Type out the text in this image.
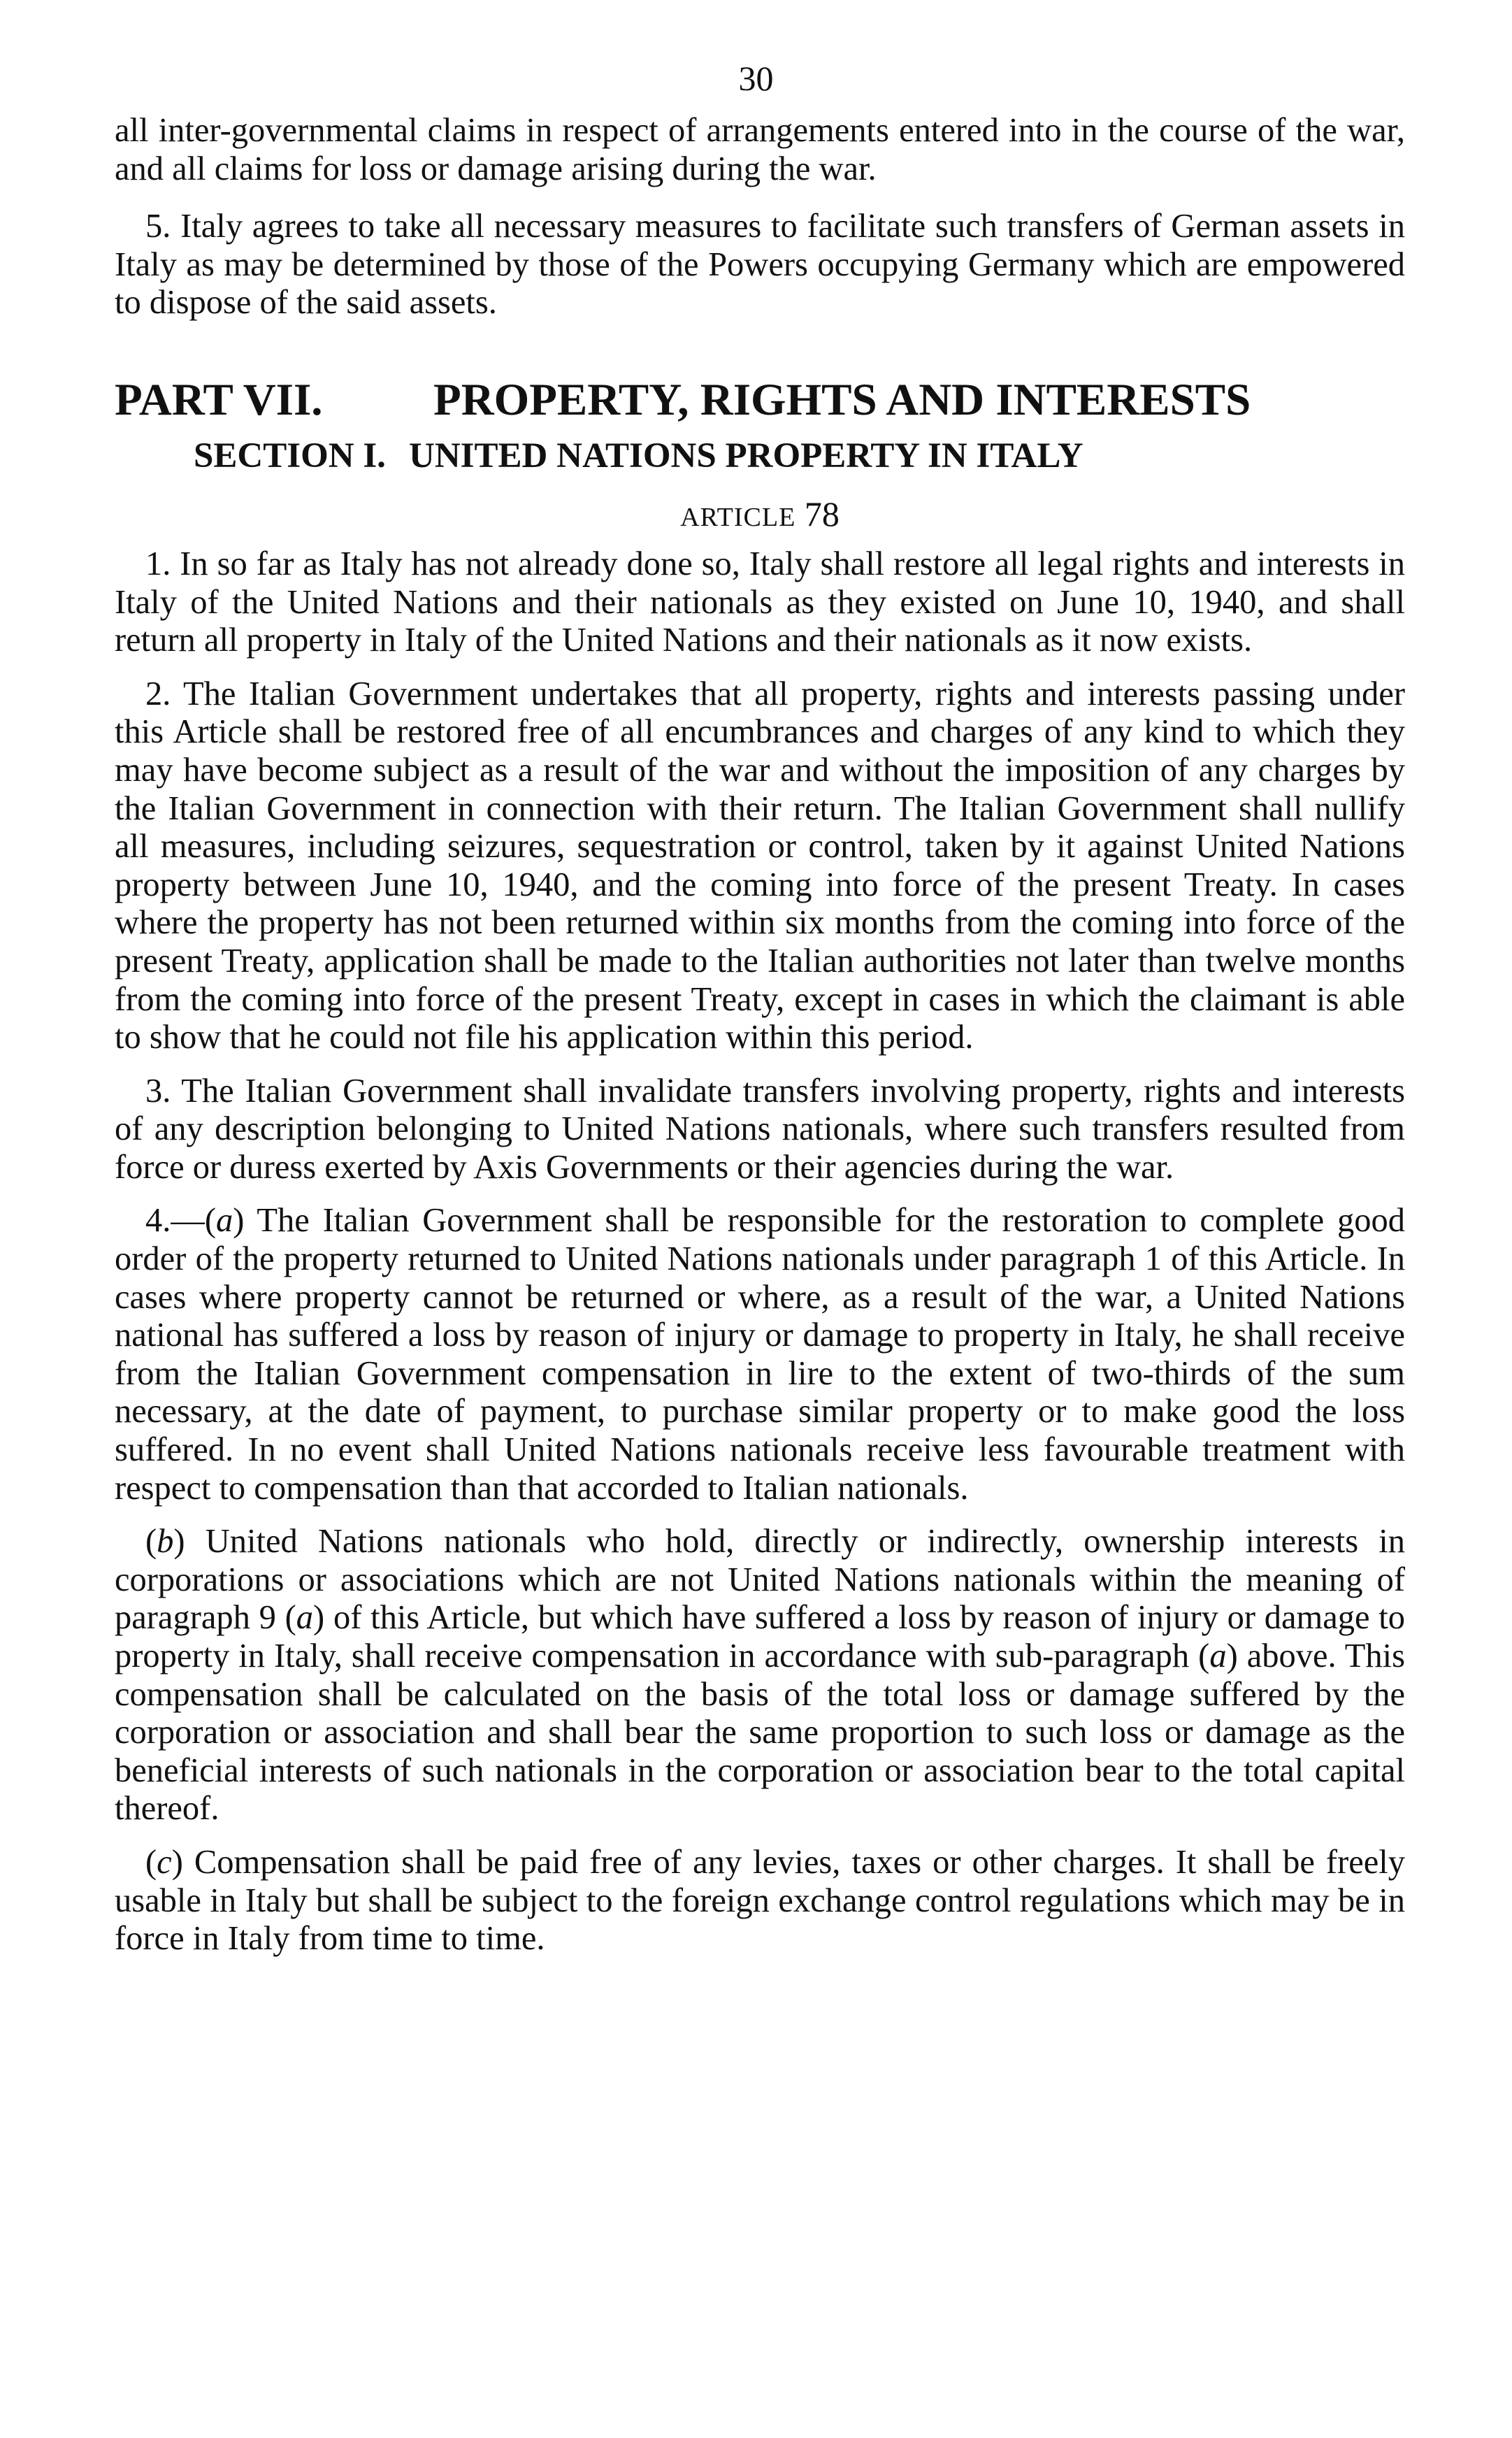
30

all inter-governmental claims in respect of arrangements entered into in the course of the war, and all claims for loss or damage arising during the war.

5. Italy agrees to take all necessary measures to facilitate such transfers of German assets in Italy as may be determined by those of the Powers occupying Germany which are empowered to dispose of the said assets.

PART VII. PROPERTY, RIGHTS AND INTERESTS
SECTION I. UNITED NATIONS PROPERTY IN ITALY
ARTICLE 78

1. In so far as Italy has not already done so, Italy shall restore all legal rights and interests in Italy of the United Nations and their nationals as they existed on June 10, 1940, and shall return all property in Italy of the United Nations and their nationals as it now exists.

2. The Italian Government undertakes that all property, rights and interests passing under this Article shall be restored free of all encumbrances and charges of any kind to which they may have become subject as a result of the war and without the imposition of any charges by the Italian Government in connection with their return. The Italian Government shall nullify all measures, including seizures, sequestration or control, taken by it against United Nations property between June 10, 1940, and the coming into force of the present Treaty. In cases where the property has not been returned within six months from the coming into force of the present Treaty, application shall be made to the Italian authorities not later than twelve months from the coming into force of the present Treaty, except in cases in which the claimant is able to show that he could not file his application within this period.

3. The Italian Government shall invalidate transfers involving property, rights and interests of any description belonging to United Nations nationals, where such transfers resulted from force or duress exerted by Axis Governments or their agencies during the war.

4.—(a) The Italian Government shall be responsible for the restoration to complete good order of the property returned to United Nations nationals under paragraph 1 of this Article. In cases where property cannot be returned or where, as a result of the war, a United Nations national has suffered a loss by reason of injury or damage to property in Italy, he shall receive from the Italian Government compensation in lire to the extent of two-thirds of the sum necessary, at the date of payment, to purchase similar property or to make good the loss suffered. In no event shall United Nations nationals receive less favourable treatment with respect to compensation than that accorded to Italian nationals.

(b) United Nations nationals who hold, directly or indirectly, ownership interests in corporations or associations which are not United Nations nationals within the meaning of paragraph 9 (a) of this Article, but which have suffered a loss by reason of injury or damage to property in Italy, shall receive compensation in accordance with sub-paragraph (a) above. This compensation shall be calculated on the basis of the total loss or damage suffered by the corporation or association and shall bear the same proportion to such loss or damage as the beneficial interests of such nationals in the corporation or association bear to the total capital thereof.

(c) Compensation shall be paid free of any levies, taxes or other charges. It shall be freely usable in Italy but shall be subject to the foreign exchange control regulations which may be in force in Italy from time to time.
